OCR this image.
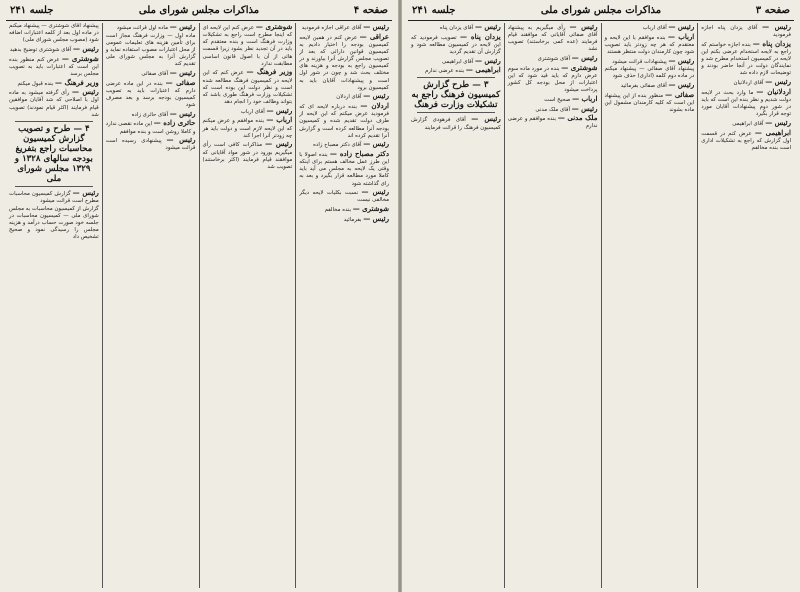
صفحه ۴
مذاکرات مجلس شورای ملی
جلسه ۲۴۱

رئیس — آقای عراقی اجازه فرمودید

عراقی — عرض کنم در همین لایحه کمیسیون بودجه را اختیار دادیم به کمیسیون قوانین دارائی که بعد از تصویب مجلس گزارش آنرا بیاورند و در کمیسیون راجع به بودجه و هزینه های مختلف بحث شد و چون در شور اول است و پیشنهادات آقایان باید به کمیسیون برود

رئیس — آقای اردلان

اردلان — بنده درباره لایحه ای که فرمودید عرض میکنم که این لایحه از طرف دولت تقدیم شده و کمیسیون بودجه آنرا مطالعه کرده است و گزارش آنرا تقدیم کرده اند

رئیس — آقای دکتر مصباح زاده

دکتر مصباح زاده — بنده اصولا با این طرز عمل مخالف هستم برای اینکه وقتی یک لایحه به مجلس می آید باید کاملا مورد مطالعه قرار بگیرد و بعد به رای گذاشته شود

رئیس — نسبت بکلیات لایحه دیگر مخالفی نیست

شوشتری — بنده مخالفم

رئیس — بفرمائید

شوشتری — عرض کنم این لایحه ای که اینجا مطرح است راجع به تشکیلات وزارت فرهنگ است و بنده معتقدم که باید در آن تجدید نظر بشود زیرا قسمت هائی از آن با اصول قانون اساسی مطابقت ندارد

وزیر فرهنگ — عرض کنم که این لایحه در کمیسیون فرهنگ مطالعه شده است و نظر دولت این بوده است که تشکیلات وزارت فرهنگ طوری باشد که بتواند وظائف خود را انجام دهد

رئیس — آقای ارباب

ارباب — بنده موافقم و عرض میکنم که این لایحه لازم است و دولت باید هر چه زودتر آنرا اجرا کند

رئیس — مذاکرات کافی است رأی میگیریم بورود در شور مواد آقایانی که موافقند قیام فرمایند (اکثر برخاستند) تصویب شد

رئیس — ماده اول قرائت میشود

ماده اول — وزارت فرهنگ مجاز است برای تأمین هزینه های تعلیمات عمومی از محل اعتبارات مصوب استفاده نماید و گزارش آنرا به مجلس شورای ملی تقدیم کند

رئیس — آقای صفائی

صفائی — بنده در این ماده عرضی دارم که اعتبارات باید به تصویب کمیسیون بودجه برسد و بعد مصرف شود

رئیس — آقای حائری زاده

حائری زاده — این ماده نقصی ندارد و کاملا روشن است و بنده موافقم

رئیس — پیشنهادی رسیده است قرائت میشود

پیشنهاد آقای شوشتری — پیشنهاد میکنم در ماده اول بعد از کلمه اعتبارات اضافه شود (مصوب مجلس شورای ملی)

رئیس — آقای شوشتری توضیح بدهید

شوشتری — عرض کنم منظور بنده این است که اعتبارات باید به تصویب مجلس برسد

وزیر فرهنگ — بنده قبول میکنم

رئیس — رأی گرفته میشود به ماده اول با اصلاحی که شد آقایان موافقین قیام فرمایند (اکثر قیام نمودند) تصویب شد

۴ — طرح و تصویب گزارش کمیسیون محاسبات راجع بتفریغ بودجه سالهای ۱۳۲۸ و ۱۳۲۹ مجلس شورای ملی

رئیس — گزارش کمیسیون محاسبات مطرح است قرائت میشود

گزارش از کمیسیون محاسبات به مجلس شورای ملی — کمیسیون محاسبات در جلسه خود صورت حساب درآمد و هزینه مجلس را رسیدگی نمود و صحیح تشخیص داد

جلسه ۲۴۱	مذاکرات مجلس شورای ملی	صفحه ۳

رئیس — آقای یزدان پناه اجازه فرمودید

یزدان پناه — بنده اجازه خواستم که راجع به لایحه استخدام عرضی بکنم این لایحه در کمیسیون استخدام مطرح شد و نمایندگان دولت در آنجا حاضر بودند و توضیحات لازم داده شد

رئیس — آقای اردلانیان

اردلانیان — ما وارد بحث در لایحه دولت شدیم و نظر بنده این است که باید در شور دوم پیشنهادات آقایان مورد توجه قرار بگیرد

رئیس — آقای ابراهیمی

ابراهیمی — عرض کنم در قسمت اول گزارش که راجع به تشکیلات اداری است بنده مخالفم

رئیس — آقای ارباب

ارباب — بنده موافقم با این لایحه و معتقدم که هر چه زودتر باید تصویب شود چون کارمندان دولت منتظر هستند

رئیس — پیشنهادات قرائت میشود

پیشنهاد آقای صفائی — پیشنهاد میکنم در ماده دوم کلمه (اداری) حذف شود

رئیس — آقای صفائی بفرمائید

صفائی — منظور بنده از این پیشنهاد این است که کلیه کارمندان مشمول این ماده بشوند

رئیس — رأی میگیریم به پیشنهاد آقای صفائی آقایانی که موافقند قیام فرمایند (عده کمی برخاستند) تصویب نشد

رئیس — آقای شوشتری

شوشتری — بنده در مورد ماده سوم عرض دارم که باید قید شود که این اعتبارات از محل بودجه کل کشور پرداخت میشود

ارباب — صحیح است

رئیس — آقای ملک مدنی

ملک مدنی — بنده موافقم و عرضی ندارم

رئیس — آقای یزدان پناه

یزدان پناه — تصویب فرمودید که این لایحه در کمیسیون مطالعه شود و گزارش آن تقدیم گردید

رئیس — آقای ابراهیمی

ابراهیمی — بنده عرضی ندارم

۳ — طرح گزارش کمیسیون فرهنگ راجع به تشکیلات وزارت فرهنگ

رئیس — آقای فرهودی گزارش کمیسیون فرهنگ را قرائت فرمایند
